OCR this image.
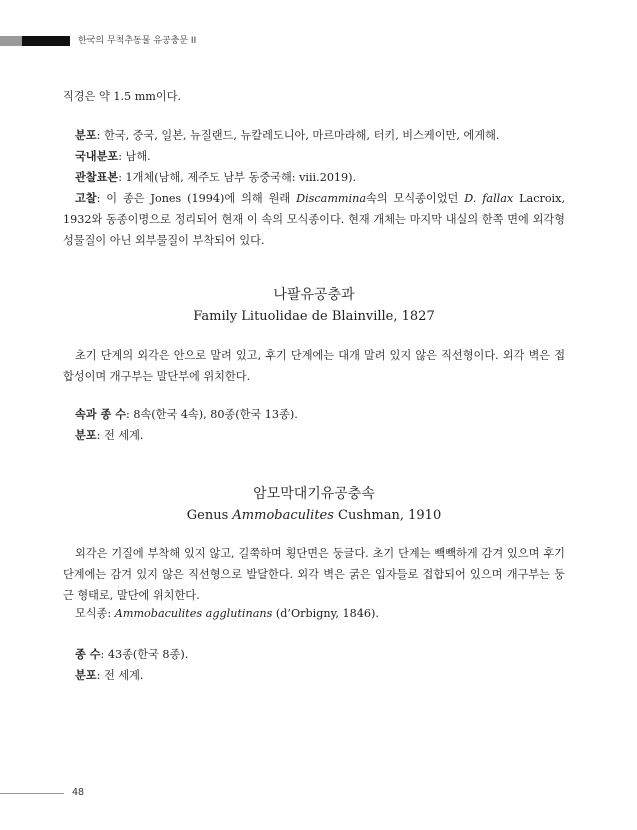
한국의 무척추동물 유공충문 II

직경은 약 1.5 mm이다.

분포: 한국, 중국, 일본, 뉴질랜드, 뉴칼레도니아, 마르마라해, 터키, 비스케이만, 에게해.

국내분포: 남해.

관찰표본: 1개체(남해, 제주도 남부 동중국해: viii.2019).

고찰: 이 종은 Jones (1994)에 의해 원래 Discammina속의 모식종이었던 D. fallax Lacroix, 1932와 동종이명으로 정리되어 현재 이 속의 모식종이다. 현재 개체는 마지막 내실의 한쪽 면에 외각형성물질이 아닌 외부물질이 부착되어 있다.

나팔유공충과

Family Lituolidae de Blainville, 1827

초기 단계의 외각은 안으로 말려 있고, 후기 단계에는 대개 말려 있지 않은 직선형이다. 외각 벽은 접합성이며 개구부는 말단부에 위치한다.

속과 종 수: 8속(한국 4속), 80종(한국 13종).

분포: 전 세계.

암모막대기유공충속

Genus Ammobaculites Cushman, 1910

외각은 기질에 부착해 있지 않고, 길쭉하며 횡단면은 둥글다. 초기 단계는 빽빽하게 감겨 있으며 후기 단계에는 감겨 있지 않은 직선형으로 발달한다. 외각 벽은 굵은 입자들로 접합되어 있으며 개구부는 둥근 형태로, 말단에 위치한다.

모식종: Ammobaculites agglutinans (d’Orbigny, 1846).

종 수: 43종(한국 8종).

분포: 전 세계.

48
